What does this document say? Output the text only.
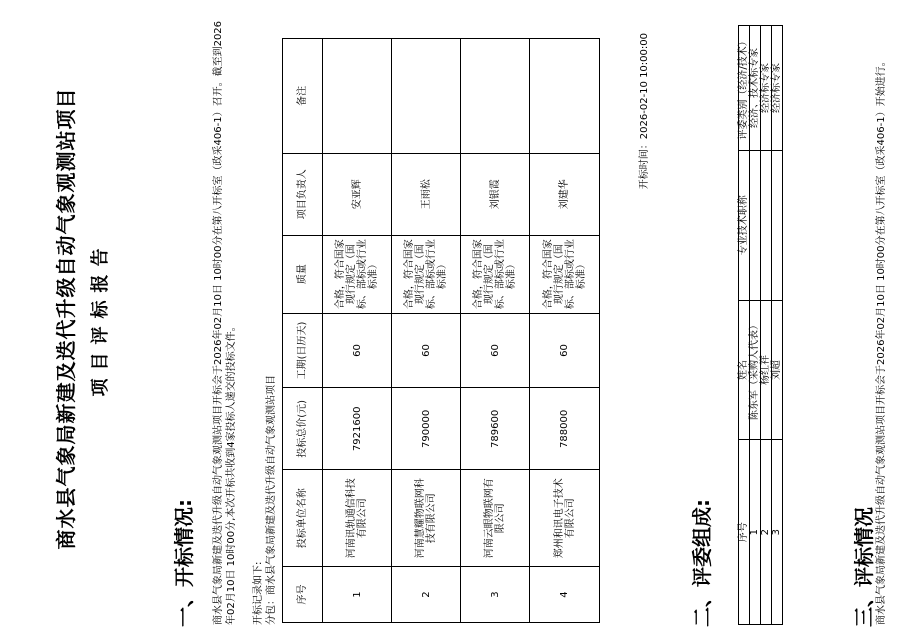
商水县气象局新建及迭代升级自动气象观测站项目 项目评标报告
一、开标情况: 商水县气象局新建及迭代升级自动气象观测站项目开标会于2026年02月10日 10时00分在第八开标室（政采406-1）召开。截至到2026年02月10日 10时00分,本次开标共收到4家投标人递交的投标文件。 开标记录如下: 分包：商水县气象局新建及迭代升级自动气象观测站项目 序号	投标单位名称	投标总价(元)	工期(日历天)	质量	项目负责人	备注
1	河南讯轨通信科技有限公司	7921600	60	合格，符合国家现行规定（国标、部标或行业标准）	安亚辉	
2	河南慧耀物联网科技有限公司	790000	60	合格，符合国家现行规定（国标、部标或行业标准）	王雨松	
3	河南云眼物联网有限公司	789600	60	合格，符合国家现行规定（国标、部标或行业标准）	刘银霞	
4	郑州和讯电子技术有限公司	788000	60	合格，符合国家现行规定（国标、部标或行业标准）	刘建华	
开标时间：2026-02-10 10:00:00
二、评委组成: 序号	姓名	专业技术职称	评委类别（经济/技术）
1	陈东军（采购人代表）		经济、技术标专家
2	杨红祥		经济标专家
3	刘超		经济标专家
三、评标情况 商水县气象局新建及迭代升级自动气象观测站项目开标会于2026年02月10日 10时00分在第八开标室（政采406-1）开始进行。
